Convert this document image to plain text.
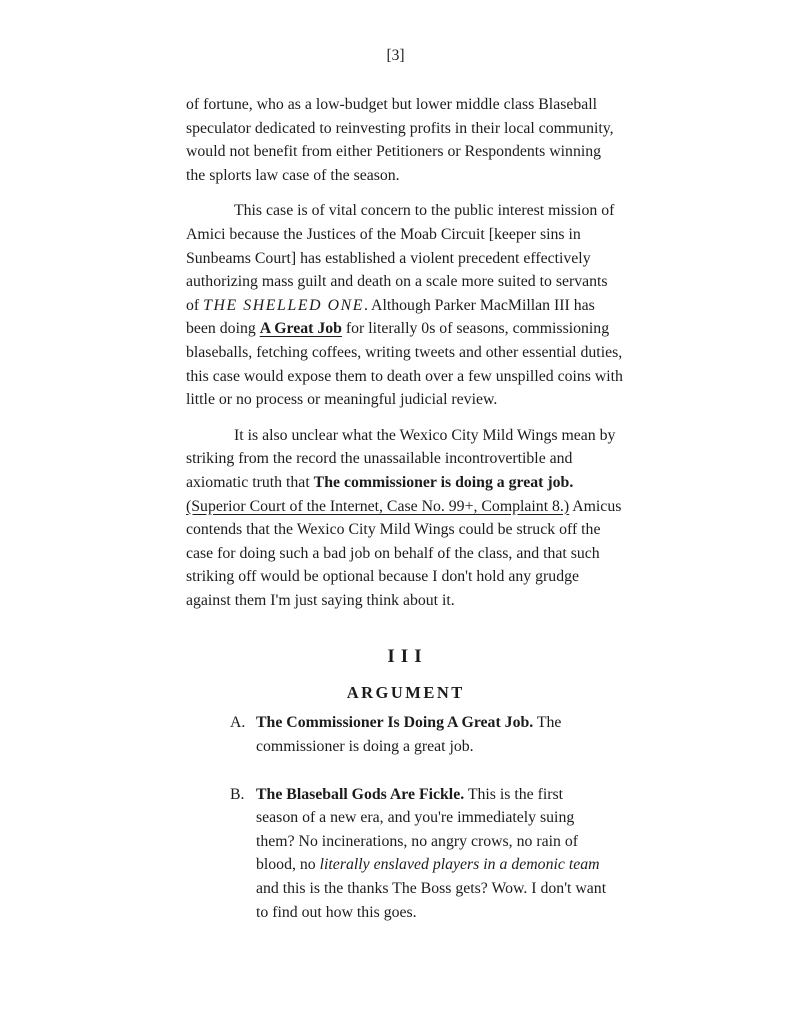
[3]

of fortune, who as a low-budget but lower middle class Blaseball speculator dedicated to reinvesting profits in their local community, would not benefit from either Petitioners or Respondents winning the splorts law case of the season.

This case is of vital concern to the public interest mission of Amici because the Justices of the Moab Circuit [keeper sins in Sunbeams Court] has established a violent precedent effectively authorizing mass guilt and death on a scale more suited to servants of THE SHELLED ONE. Although Parker MacMillan III has been doing A Great Job for literally 0s of seasons, commissioning blaseballs, fetching coffees, writing tweets and other essential duties, this case would expose them to death over a few unspilled coins with little or no process or meaningful judicial review.

It is also unclear what the Wexico City Mild Wings mean by striking from the record the unassailable incontrovertible and axiomatic truth that The commissioner is doing a great job. (Superior Court of the Internet, Case No. 99+, Complaint 8.) Amicus contends that the Wexico City Mild Wings could be struck off the case for doing such a bad job on behalf of the class, and that such striking off would be optional because I don't hold any grudge against them I'm just saying think about it.

III
ARGUMENT
A. The Commissioner Is Doing A Great Job. The commissioner is doing a great job.
B. The Blaseball Gods Are Fickle. This is the first season of a new era, and you're immediately suing them? No incinerations, no angry crows, no rain of blood, no literally enslaved players in a demonic team and this is the thanks The Boss gets? Wow. I don't want to find out how this goes.
